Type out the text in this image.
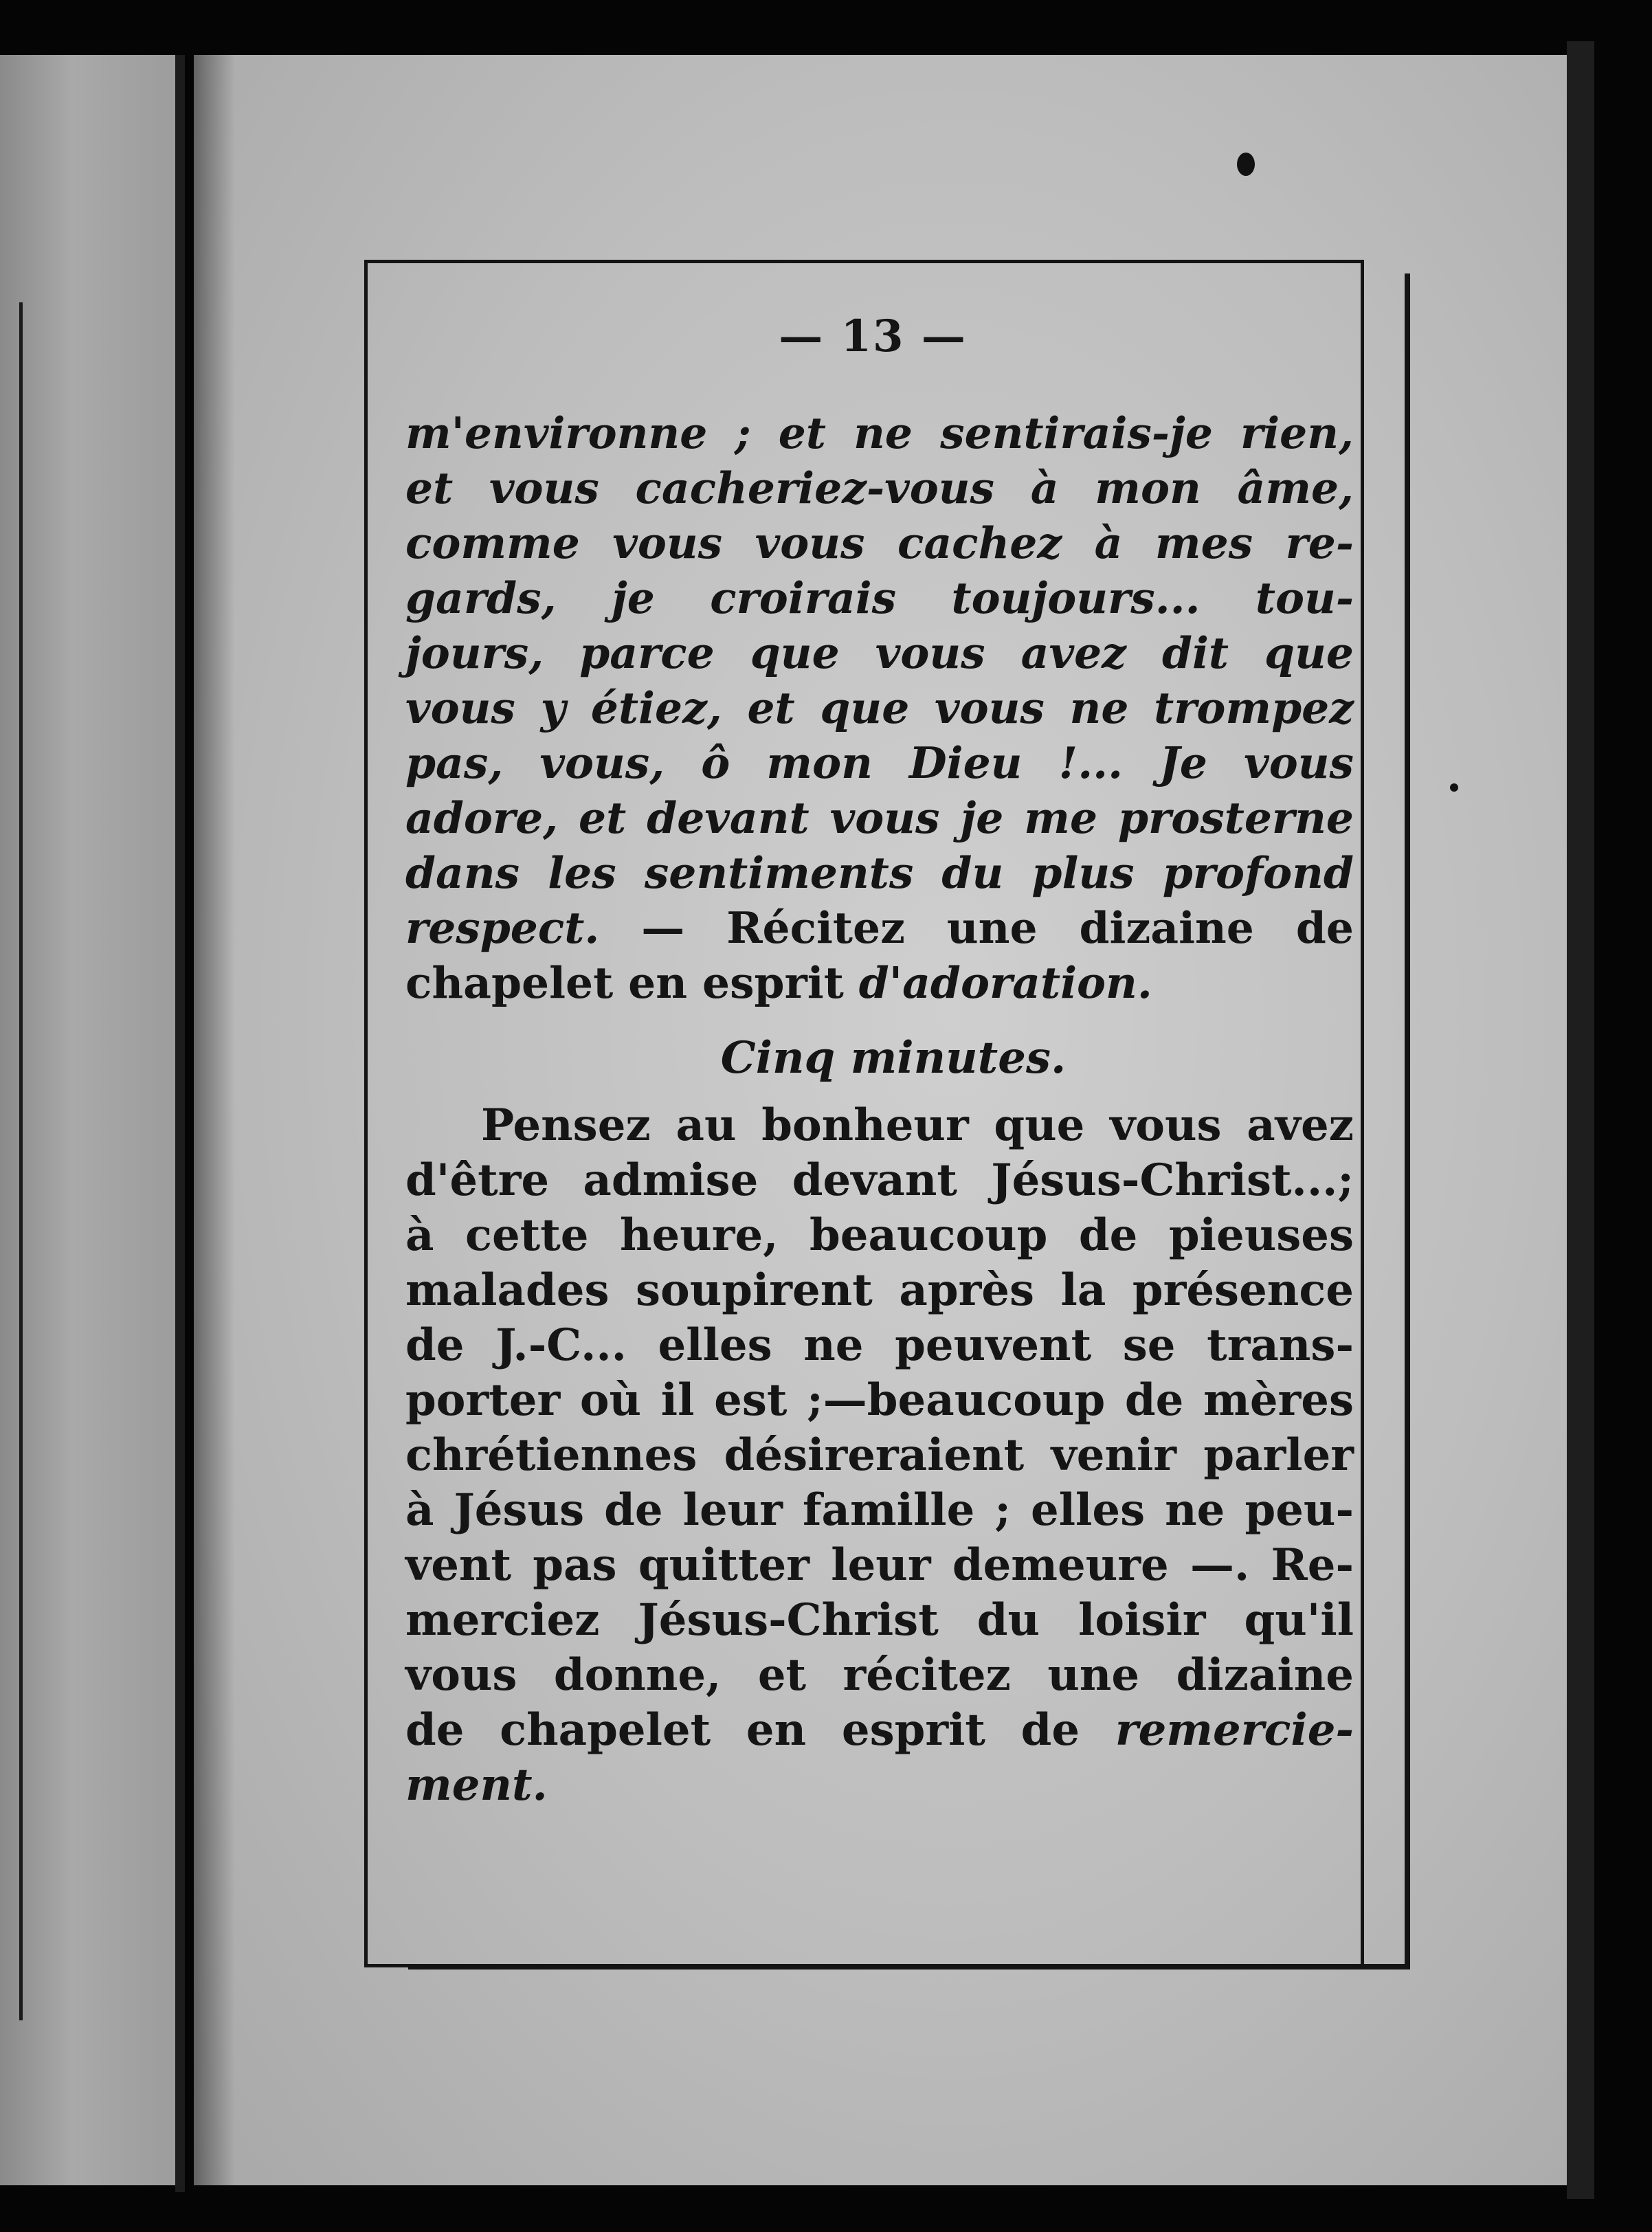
— 13 —
m'environne ; et ne sentirais-je rien,
et vous cacheriez-vous à mon âme,
comme vous vous cachez à mes re-
gards, je croirais toujours... tou-
jours, parce que vous avez dit que
vous y étiez, et que vous ne trompez
pas, vous, ô mon Dieu !... Je vous
adore, et devant vous je me prosterne
dans les sentiments du plus profond
respect. — Récitez une dizaine de
chapelet en esprit d'adoration.
Cinq minutes.
Pensez au bonheur que vous avez
d'être admise devant Jésus-Christ...;
à cette heure, beaucoup de pieuses
malades soupirent après la présence
de J.-C... elles ne peuvent se trans-
porter où il est ;—beaucoup de mères
chrétiennes désireraient venir parler
à Jésus de leur famille ; elles ne peu-
vent pas quitter leur demeure —. Re-
merciez Jésus-Christ du loisir qu'il
vous donne, et récitez une dizaine
de chapelet en esprit de remercie-
ment.
